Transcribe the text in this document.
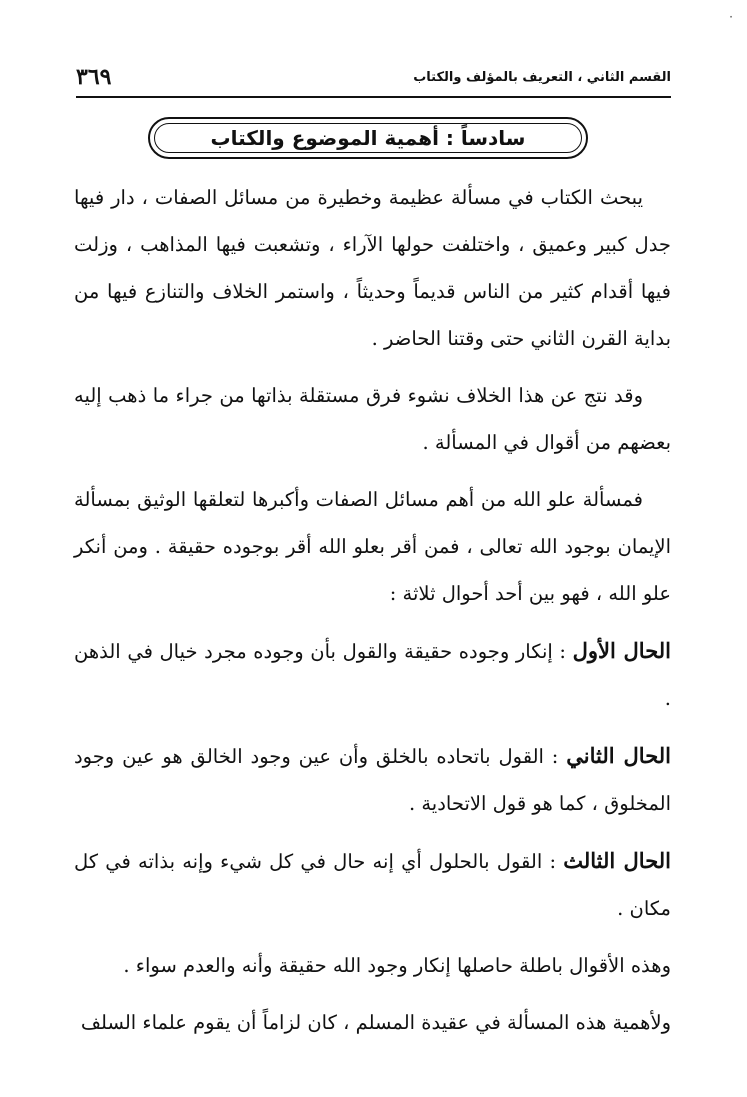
·
القسم الثاني ، التعريف بالمؤلف والكتاب
٣٦٩
سادساً : أهمية الموضوع والكتاب

يبحث الكتاب في مسألة عظيمة وخطيرة من مسائل الصفات ، دار فيها جدل كبير وعميق ، واختلفت حولها الآراء ، وتشعبت فيها المذاهب ، وزلت فيها أقدام كثير من الناس قديماً وحديثاً ، واستمر الخلاف والتنازع فيها من بداية القرن الثاني حتى وقتنا الحاضر .

وقد نتج عن هذا الخلاف نشوء فرق مستقلة بذاتها من جراء ما ذهب إليه بعضهم من أقوال في المسألة .

فمسألة علو الله من أهم مسائل الصفات وأكبرها لتعلقها الوثيق بمسألة الإيمان بوجود الله تعالى ، فمن أقر بعلو الله أقر بوجوده حقيقة . ومن أنكر علو الله ، فهو بين أحد أحوال ثلاثة :

الحال الأول : إنكار وجوده حقيقة والقول بأن وجوده مجرد خيال في الذهن .

الحال الثاني : القول باتحاده بالخلق وأن عين وجود الخالق هو عين وجود المخلوق ، كما هو قول الاتحادية .

الحال الثالث : القول بالحلول أي إنه حال في كل شيء وإنه بذاته في كل مكان .

وهذه الأقوال باطلة حاصلها إنكار وجود الله حقيقة وأنه والعدم سواء .

ولأهمية هذه المسألة في عقيدة المسلم ، كان لزاماً أن يقوم علماء السلف
